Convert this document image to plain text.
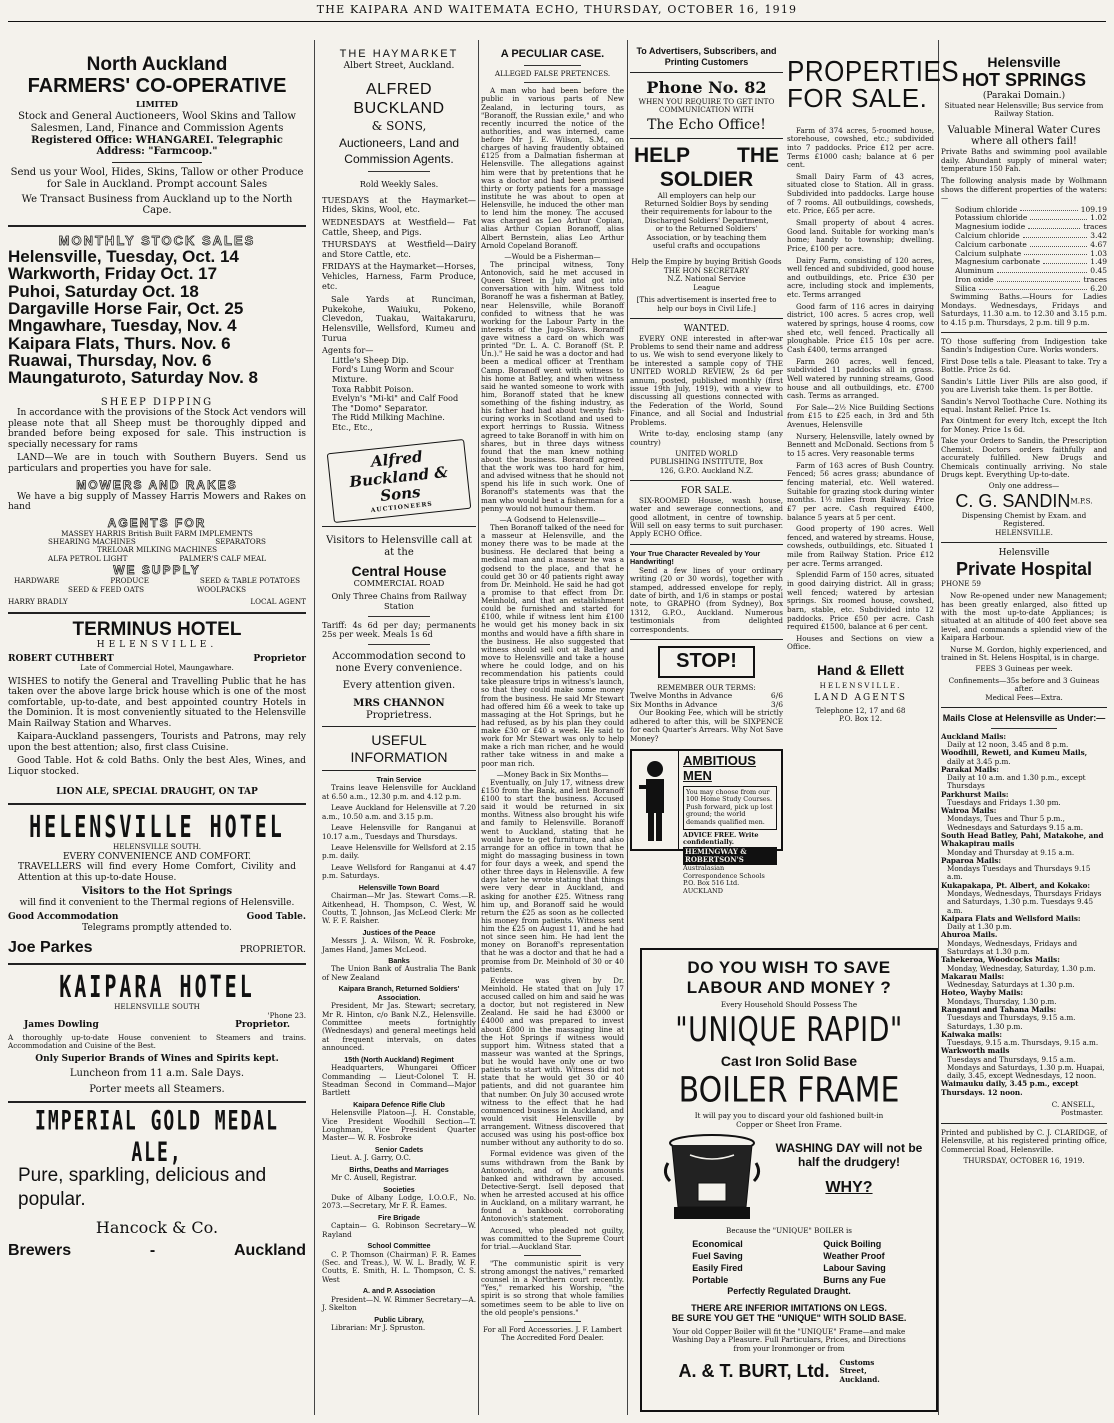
THE KAIPARA AND WAITEMATA ECHO, THURSDAY, OCTOBER 16, 1919
North Auckland
FARMERS' CO-OPERATIVE
LIMITED
Stock and General Auctioneers, Wool Skins and Tallow Salesmen, Land, Finance and Commission Agents
Registered Office: WHANGAREI. Telegraphic Address: "Farmcoop."
Send us your Wool, Hides, Skins, Tallow or other Produce for Sale in Auckland. Prompt account Sales
We Transact Business from Auckland up to the North Cape.
MONTHLY STOCK SALES
Helensville, Tuesday, Oct. 14
Warkworth, Friday Oct. 17
Puhoi, Saturday Oct. 18
Dargaville Horse Fair, Oct. 25
Mngawhare, Tuesday, Nov. 4
Kaipara Flats, Thurs. Nov. 6
Ruawai, Thursday, Nov. 6
Maungaturoto, Saturday Nov. 8
SHEEP DIPPING

In accordance with the provisions of the Stock Act vendors will please note that all Sheep must be thoroughly dipped and branded before being exposed for sale. This instruction is specially necessary for rams

LAND—We are in touch with Southern Buyers. Send us particulars and properties you have for sale.

MOWERS AND RAKES

We have a big supply of Massey Harris Mowers and Rakes on hand

AGENTS FOR
MASSEY HARRIS British Built FARM IMPLEMENTS
SHEARING MACHINES	SEPARATORS
TRELOAR MILKING MACHINES
ALFA PETROL LIGHT	PALMER'S CALF MEAL
WE SUPPLY
HARDWARE	PRODUCE	SEED & TABLE POTATOES
SEED & FEED OATS	WOOLPACKS
HARRY BRADLY	LOCAL AGENT
TERMINUS HOTEL
HELENSVILLE.
ROBERT CUTHBERT	Proprietor
Late of Commercial Hotel, Maungawhare.

WISHES to notify the General and Travelling Public that he has taken over the above large brick house which is one of the most comfortable, up-to-date, and best appointed country Hotels in the Dominion. It is most conveniently situated to the Helensville Main Railway Station and Wharves.

Kaipara-Auckland passengers, Tourists and Patrons, may rely upon the best attention; also, first class Cuisine.

Good Table. Hot & cold Baths. Only the best Ales, Wines, and Liquor stocked.

LION ALE, SPECIAL DRAUGHT, ON TAP
HELENSVILLE HOTEL
HELENSVILLE SOUTH.
EVERY CONVENIENCE AND COMFORT.

TRAVELLERS will find every Home Comfort, Civility and Attention at this up-to-date House.

Visitors to the Hot Springs
will find it convenient to the Thermal regions of Helensville.
Good Accommodation	Good Table.
Telegrams promptly attended to.
Joe Parkes	PROPRIETOR.
KAIPARA HOTEL
HELENSVILLE SOUTH
'Phone 23.
James Dowling	Proprietor.

A thoroughly up-to-date House convenient to Steamers and trains. Accommodation and Cuisine of the Best.

Only Superior Brands of Wines and Spirits kept.
Luncheon from 11 a.m. Sale Days.
Porter meets all Steamers.
IMPERIAL GOLD MEDAL ALE,
Pure, sparkling, delicious and popular.
Hancock & Co.
Brewers	-	Auckland
THE HAYMARKET
Albert Street, Auckland.
ALFRED BUCKLAND
& SONS,
Auctioneers, Land and Commission Agents.
Rold Weekly Sales.

TUESDAYS at the Haymarket—Hides, Skins, Wool, etc.

WEDNESDAYS at Westfield— Fat Cattle, Sheep, and Pigs.

THURSDAYS at Westfield—Dairy and Store Cattle, etc.

FRIDAYS at the Haymarket—Horses, Vehicles, Harness, Farm Produce, etc.

Sale Yards at Runciman, Pukekohe, Waiuku, Pokeno, Clevedon, Tuakau, Waitakaruru, Helensville, Wellsford, Kumeu and Turua

Agents for—
Little's Sheep Dip.
Ford's Lung Worm and Scour Mixture.
Toxa Rabbit Poison.
Evelyn's "Mi-ki" and Calf Food
The "Domo" Separator.
The Ridd Milking Machine.
Etc., Etc.,
Alfred Buckland & Sons
AUCTIONEERS
Visitors to Helensville call at
at the
Central House
COMMERCIAL ROAD
Only Three Chains from Railway Station

Tariff: 4s 6d per day; permanents 25s per week. Meals 1s 6d

Accommodation second to none Every convenience.
Every attention given.
MRS CHANNON
Proprietress.
USEFUL INFORMATION
Train Service

Trains leave Helensville for Auckland at 6.50 a.m., 12.30 p.m. and 4.12 p.m.

Leave Auckland for Helensville at 7.20 a.m., 10.50 a.m. and 3.15 p.m.

Leave Helensville for Ranganui at 10.17 a.m., Tuesdays and Thursdays.

Leave Helensville for Wellsford at 2.15 p.m. daily.

Leave Wellsford for Ranganui at 4.47 p.m. Saturdays.

Helensville Town Board

Chairman—Mr Jas. Stewart Coms.—R. Aitkenhead, H. Thompson, C. West, W. Coutts, T. Johnson, Jas McLeod Clerk: Mr W. F. F. Raisher.

Justices of the Peace

Messrs J. A. Wilson, W. R. Fosbroke, James Hand, James McLeod.

Banks

The Union Bank of Australia The Bank of New Zealand

Kaipara Branch, Returned Soldiers' Association.

President, Mr Jas. Stewart; secretary, Mr R. Hinton, c/o Bank N.Z., Helensville. Committee meets fortnightly (Wednesdays) and general meetings held at frequent intervals, on dates announced.

15th (North Auckland) Regiment

Headquarters, Whungarei Officer Commanding — Lieut-Colonel T. H. Steadman Second in Command—Major Bartlett

Kaipara Defence Rifle Club

Helensville Platoon—J. H. Constable, Vice President Woodhill Section—T. Loughman, Vice President Quarter Master— W. R. Fosbroke

Senior Cadets

Lieut. A. J. Garry, O.C.

Births, Deaths and Marriages

Mr C. Ausell, Registrar.

Societies

Duke of Albany Lodge, I.O.O.F., No. 2073.—Secretary, Mr F. R. Eames.

Fire Brigade

Captain— G. Robinson Secretary—W. Rayland

School Committee

C. P. Thomson (Chairman) F. R. Eames (Sec. and Treas.), W. W. L. Bradly, W. F. Coutts, E. Smith, H. L. Thompson, C. S. West

A. and P. Association

President—N. W. Rimmer Secretary—A. J. Skelton

Public Library,

Librarian: Mr J. Spruston.

A PECULIAR CASE.
ALLEGED FALSE PRETENCES.

A man who had been before the public in various parts of New Zealand, in lecturing tours, as "Boranoff, the Russian exile," and who recently incurred the notice of the authorities, and was interned, came before Mr J. E. Wilson, S.M., on charges of having fraudently obtained £125 from a Dalmatian fisherman at Helensville. The allegations against him were that by pretentions that he was a doctor and had been promised thirty or forty patients for a massage institute he was about to open at Helensville, he induced the other man to lend him the money. The accused was charged as Leo Arthur Copian, alias Arthur Copian Boranoff, alias Albert Bernstein, alias Leo Arthur Arnold Copeland Boranoff.

—Would be a Fisherman—

The principal witness, Tony Antonovich, said he met accused in Queen Street in July and got into conversation with him. Witness told Boranoff he was a fisherman at Batley, near Helensville, while Boranoff confided to witness that he was working for the Labour Party in the interests of the Jugo-Slavs. Boranoff gave witness a card on which was printed "Dr. L. A. C. Boranoff (St. P. Un.)." He said he was a doctor and had been a medical officer at Trentham Camp. Boranoff went with witness to his home at Batley, and when witness said he wanted someone to work with him, Boranoff stated that he knew something of the fishing industry, as his father had had about twenty fish-curing works in Scotland and used to export herrings to Russia. Witness agreed to take Boranoff in with him on shares, but in three days witness found that the man knew nothing about the business. Boranoff agreed that the work was too hard for him, and advised witness that he should not spend his life in such work. One of Boranoff's statements was that the man who would beat a fisherman for a penny would not humour them.

—A Godsend to Helensville—

Then Boranoff talked of the need for a masseur at Helensville, and the money there was to be made at the business. He declared that being a medical man and a masseur he was a godsend to the place, and that he could get 30 or 40 patients right away from Dr. Meinhold. He said he had got a promise to that effect from Dr. Meinhold, and that an establishment could be furnished and started for £100, while if witness lent him £100 he would get his money back in six months and would have a fifth share in the business. He also suggested that witness should sell out at Batley and move to Helensville and take a house where he could lodge, and on his recommendation his patients could take pleasure trips in witness's launch, so that they could make some money from the business. He said Mr Stewart had offered him £6 a week to take up massaging at the Hot Springs, but he had refused, as by his plan they could make £30 or £40 a week. He said to work for Mr Stewart was only to help make a rich man richer, and he would rather take witness in and make a poor man rich.

—Money Back in Six Months—

Eventually, on July 17, witness drew £150 from the Bank, and lent Boranoff £100 to start the business. Accused said it would be returned in six months. Witness also brought his wife and family to Helensville. Boranoff went to Auckland, stating that he would have to get furniture, and also arrange for an office in town that he might do massaging business in town for four days a week, and spend the other three days in Helensville. A few days later he wrote stating that things were very dear in Auckland, and asking for another £25. Witness rang him up, and Boranoff said he would return the £25 as soon as he collected his money from patients. Witness sent him the £25 on August 11, and he had not since seen him. He had lent the money on Boranoff's representation that he was a doctor and that he had a promise from Dr. Meinhold of 30 or 40 patients.

Evidence was given by Dr. Meinhold. He stated that on July 17 accused called on him and said he was a doctor, but not registered in New Zealand. He said he had £3000 or £4000 and was prepared to invest about £800 in the massaging line at the Hot Springs if witness would support him. Witness stated that a masseur was wanted at the Springs, but he would have only one or two patients to start with. Witness did not state that he would get 30 or 40 patients, and did not guarantee him that number. On July 30 accused wrote witness to the effect that he had commenced business in Auckland, and would visit Helensville by arrangement. Witness discovered that accused was using his post-office box number without any authority to do so.

Formal evidence was given of the sums withdrawn from the Bank by Antonovich, and of the amounts banked and withdrawn by accused. Detective-Sergt. Isell deposed that when he arrested accused at his office in Auckland, on a military warrant, he found a bankbook corroborating Antonovich's statement.

Accused, who pleaded not guilty, was committed to the Supreme Court for trial.—Auckland Star.

"The communistic spirit is very strong amongst the natives," remarked counsel in a Northern court recently. "Yes," remarked his Worship, "the spirit is so strong that whole families sometimes seem to be able to live on the old people's pensions."

For all Ford Accessories. J. F. Lambert The Accredited Ford Dealer.

To Advertisers, Subscribers, and Printing Customers
Phone No. 82
WHEN YOU REQUIRE TO GET INTO COMMUNICATION WITH
The Echo Office!
HELP THE
SOLDIER
All employers can help our Returned Soldier Boys by sending their requirements for labour to the Discharged Soldiers' Department, or to the Returned Soldiers' Association, or by teaching them useful crafts and occupations
Help the Empire by buying British Goods
THE HON SECRETARY N.Z. National Service League
[This advertisement is inserted free to help our boys in Civil Life.]
WANTED.

EVERY ONE interested in after-war Problems to send their name and address to us. We wish to send everyone likely to be interested a sample copy of THE UNITED WORLD REVIEW, 2s 6d per annum, posted, published monthly (first issue 19th July, 1919), with a view to discussing all questions connected with the Federation of the World, Sound Finance, and all Social and Industrial Problems.

Write to-day, enclosing stamp (any country)

UNITED WORLD PUBLISHING INSTITUTE, Box 126, G.P.O. Auckland N.Z.
FOR SALE.

SIX-ROOMED House, wash house, water and sewerage connections, and good allotment, in centre of township. Will sell on easy terms to suit purchaser. Apply ECHO Office.

Your True Character Revealed by Your Handwriting!

Send a few lines of your ordinary writing (20 or 30 words), together with stamped, addressed envelope for reply, date of birth, and 1/6 in stamps or postal note, to GRAPHO (from Sydney), Box 1312, G.P.O., Auckland. Numerous testimonials from delighted correspondents.

STOP!
REMEMBER OUR TERMS:
Twelve Months in Advance	6/6
Six Months in Advance	3/6

Our Booking Fee, which will be strictly adhered to after this, will be SIXPENCE for each Quarter's Arrears. Why Not Save Money?

AMBITIOUS MEN
You may choose from our 100 Home Study Courses. Push forward, pick up lost ground; the world demands qualified men.
ADVICE FREE. Write confidentially.
HEMINGWAY & ROBERTSON'S
Australasian Correspondence Schools P.O. Box 516 Ltd. AUCKLAND
PROPERTIES
FOR SALE.

Farm of 374 acres, 5-roomed house, storehouse, cowshed, etc.; subdivided into 7 paddocks. Price £12 per acre. Terms £1000 cash; balance at 6 per cent.

Small Dairy Farm of 43 acres, situated close to Station. All in grass. Subdivided into paddocks. Large house of 7 rooms. All outbuildings, cowsheds, etc. Price, £65 per acre.

Small property of about 4 acres. Good land. Suitable for working man's home; handy to township; dwelling. Price, £100 per acre.

Dairy Farm, consisting of 120 acres, well fenced and subdivided, good house and outbuildings, etc. Price £30 per acre, including stock and implements, etc. Terms arranged

Good farm of 116 acres in dairying district, 100 acres. 5 acres crop, well watered by springs, house 4 rooms, cow shed etc, well fenced. Practically all ploughable. Price £15 10s per acre. Cash £400, terms arranged

Farm 260 acres, well fenced, subdivided 11 paddocks all in grass. Well watered by running streams, Good house and all outbuildings, etc. £700 cash. Terms as arranged.

For Sale—2½ Nice Building Sections from £15 to £25 each, in 3rd and 5th Avenues, Helensville

Nursery, Helensville, lately owned by Bennett and McDonald. Sections from 5 to 15 acres. Very reasonable terms

Farm of 163 acres of Bush Country. Fenced; 56 acres grass; abundance of fencing material, etc. Well watered. Suitable for grazing stock during winter months. 1½ miles from Railway. Price £7 per acre. Cash required £400, balance 5 years at 5 per cent.

Good property of 190 acres. Well fenced, and watered by streams. House, cowsheds, outbuildings, etc. Situated 1 mile from Railway Station. Price £12 per acre. Terms arranged.

Splendid Farm of 150 acres, situated in good dairying district. All in grass; well fenced; watered by artesian springs. Six roomed house, cowshed, barn, stable, etc. Subdivided into 12 paddocks. Price £50 per acre. Cash required £1500, balance at 6 per cent.

Houses and Sections on view a Office.

Hand & Ellett
HELENSVILLE.
LAND AGENTS
Telephone 12, 17 and 68
P.O. Box 12.
DO YOU WISH TO SAVE
LABOUR AND MONEY ?
Every Household Should Possess The
"UNIQUE RAPID"
Cast Iron Solid Base
BOILER FRAME
It will pay you to discard your old fashioned built-in Copper or Sheet Iron Frame.
WASHING DAY will not be half the drudgery!
WHY?
Because the "UNIQUE" BOILER is
Economical
Fuel Saving
Easily Fired
Portable
Quick Boiling
Weather Proof
Labour Saving
Burns any Fue
Perfectly Regulated Draught.
THERE ARE INFERIOR IMITATIONS ON LEGS.
BE SURE YOU GET THE "UNIQUE" WITH SOLID BASE.
Your old Copper Boiler will fit the "UNIQUE" Frame—and make Washing Day a Pleasure. Full Particulars, Prices, and Directions from your Ironmonger or from
A. & T. BURT, Ltd. Customs Street, Auckland.
Helensville
HOT SPRINGS
(Parakai Domain.)
Situated near Helensville; Bus service from Railway Station.
Valuable Mineral Water Cures where all others fail!

Private Baths and swimming pool available daily. Abundant supply of mineral water; temperature 150 Fah.

The following analysis made by Wolhmann shows the different properties of the waters:—

Sodium chloride	109.19
Potassium chloride	1.02
Magnesium iodide	traces
Calcium chloride	3.42
Calcium carbonate	4.67
Calcium sulphate	1.03
Magnesium carbonate	1.49
Aluminum	0.45
Iron oxide	traces
Silica	6.20

Swimming Baths.—Hours for Ladies Mondays. Wednesdays, Fridays and Saturdays, 11.30 a.m. to 12.30 and 3.15 p.m. to 4.15 p.m. Thursdays, 2 p.m. till 9 p.m.

TO those suffering from Indigestion take Sandin's Indigestion Cure. Works wonders.

First Dose tells a tale. Pleasant to take. Try a Bottle. Price 2s 6d.

Sandin's Little Liver Pills are also good, if you are Liverish take them. 1s per Bottle.

Sandin's Nervol Toothache Cure. Nothing its equal. Instant Relief. Price 1s.

Pax Ointment for every Itch, except the Itch for Money. Price 1s 6d.

Take your Orders to Sandin, the Prescription Chemist. Doctors orders faithfully and accurately fulfilled. New Drugs and Chemicals continually arriving. No stale Drugs kept. Everything Up-to-date.

Only one address—
C. G. $SANDIN^{M.P.S.}$
Dispensing Chemist by Exam. and Registered.
HELENSVILLE.
Helensville
Private Hospital
PHONE 59

Now Re-opened under new Management; has been greatly enlarged, also fitted up with the most up-to-date Appliances; is situated at an altitude of 400 feet above sea level, and commands a splendid view of the Kaipara Harbour.

Nurse M. Gordon, highly experienced, and trained in St. Helens Hospital, is in charge.

FEES 3 Guineas per week.
Confinements—35s before and 3 Guineas after.
Medical Fees—Extra.
Mails Close at Helensville as Under:—
Auckland Mails:
Daily at 12 noon, 3.45 and 8 p.m.
Woodhill, Rewetl, and Kumeu Mails,
daily at 3.45 p.m.
Parakai Mails:
Daily at 10 a.m. and 1.30 p.m., except Thursdays
Parkhurst Mails:
Tuesdays and Fridays 1.30 pm.
Wairoa Mails:
Mondays, Tues and Thur 5 p.m., Wednesdays and Saturdays 9.15 a.m.
South Head Batley, Pahi, Matakohe, and Whakapirau mails
Monday and Thursday at 9.15 a.m.
Paparoa Mails:
Mondays Tuesdays and Thursdays 9.15 a.m.
Kukapakapa, Pt. Albert, and Kokako:
Mondays, Wednesdays, Thursdays Fridays and Saturdays, 1.30 p.m. Tuesdays 9.45 a.m.
Kaipara Flats and Wellsford Mails:
Daily at 1.30 p.m.
Ahuroa Mails.
Mondays, Wednesdays, Fridays and Saturdays at 1.30 p.m.
Tahekeroa, Woodcocks Mails:
Monday, Wednesday, Saturday, 1.30 p.m.
Makarau Mails:
Wednesday, Saturdays at 1.30 p.m.
Hoteo, Wayby Mails:
Mondays, Thursday, 1.30 p.m.
Ranganui and Tahana Mails:
Tuesdays and Thursdays, 9.15 a.m. Saturdays, 1.30 p.m.
Kaiwaka mails:
Tuesdays, 9.15 a.m. Thursdays, 9.15 a.m.
Warkworth mails
Tuesdays and Thursdays, 9.15 a.m. Mondays and Saturdays, 1.30 p.m. Huapai, daily, 3.45, except Wednesdays, 12 noon.
Waimauku daily, 3.45 p.m., except Thursdays. 12 noon.
C. ANSELL,
Postmaster.

Printed and published by C. J. CLARIDGE, of Helensville, at his registered printing office, Commercial Road, Helensville.

THURSDAY, OCTOBER 16, 1919.
